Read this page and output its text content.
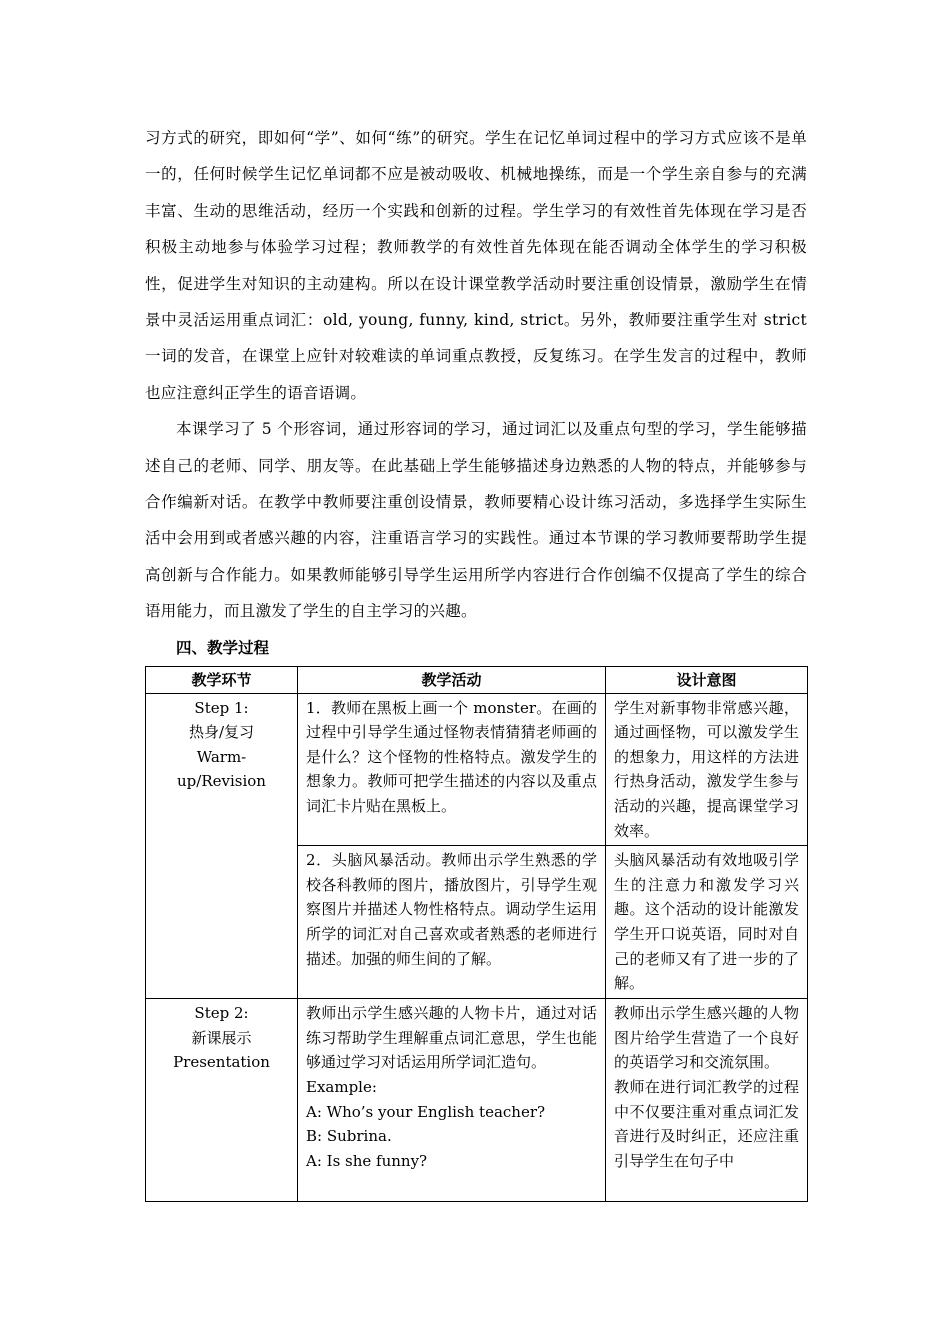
习方式的研究，即如何“学”、如何“练”的研究。学生在记忆单词过程中的学习方式应该不是单一的，任何时候学生记忆单词都不应是被动吸收、机械地操练，而是一个学生亲自参与的充满丰富、生动的思维活动，经历一个实践和创新的过程。学生学习的有效性首先体现在学习是否积极主动地参与体验学习过程；教师教学的有效性首先体现在能否调动全体学生的学习积极性，促进学生对知识的主动建构。所以在设计课堂教学活动时要注重创设情景，激励学生在情景中灵活运用重点词汇：old, young, funny, kind, strict。另外，教师要注重学生对 strict 一词的发音，在课堂上应针对较难读的单词重点教授，反复练习。在学生发言的过程中，教师也应注意纠正学生的语音语调。

本课学习了 5 个形容词，通过形容词的学习，通过词汇以及重点句型的学习，学生能够描述自己的老师、同学、朋友等。在此基础上学生能够描述身边熟悉的人物的特点，并能够参与合作编新对话。在教学中教师要注重创设情景，教师要精心设计练习活动，多选择学生实际生活中会用到或者感兴趣的内容，注重语言学习的实践性。通过本节课的学习教师要帮助学生提高创新与合作能力。如果教师能够引导学生运用所学内容进行合作创编不仅提高了学生的综合语用能力，而且激发了学生的自主学习的兴趣。

四、教学过程
教学环节	教学活动	设计意图

Step 1:
热身/复习
Warm-up/Revision	1．教师在黑板上画一个 monster。在画的过程中引导学生通过怪物表情猜猜老师画的是什么？这个怪物的性格特点。激发学生的想象力。教师可把学生描述的内容以及重点词汇卡片贴在黑板上。	学生对新事物非常感兴趣，通过画怪物，可以激发学生的想象力，用这样的方法进行热身活动，激发学生参与活动的兴趣，提高课堂学习效率。
	2．头脑风暴活动。教师出示学生熟悉的学校各科教师的图片，播放图片，引导学生观察图片并描述人物性格特点。调动学生运用所学的词汇对自己喜欢或者熟悉的老师进行描述。加强的师生间的了解。	头脑风暴活动有效地吸引学生的注意力和激发学习兴趣。这个活动的设计能激发学生开口说英语，同时对自己的老师又有了进一步的了解。

Step 2:
新课展示
Presentation	教师出示学生感兴趣的人物卡片，通过对话练习帮助学生理解重点词汇意思，学生也能够通过学习对话运用所学词汇造句。
Example:
A: Who’s your English teacher?
B: Subrina.
A: Is she funny?	教师出示学生感兴趣的人物图片给学生营造了一个良好的英语学习和交流氛围。
教师在进行词汇教学的过程中不仅要注重对重点词汇发音进行及时纠正，还应注重引导学生在句子中
